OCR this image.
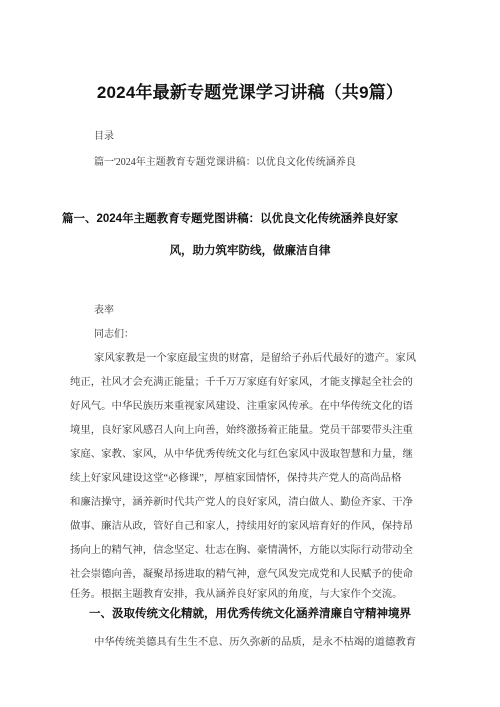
2024年最新专题党课学习讲稿（共9篇）
目录
篇一'2024年主题教育专题党课讲稿：以优良文化传统涵养良
篇一、2024年主题教育专题党图讲稿：以优良文化传统涵养良好家
风，助力筑牢防线，做廉洁自律
表率
同志们：
家风家教是一个家庭最宝贵的财富，是留给子孙后代最好的遗产。家风
纯正，社风才会充满正能量；千千万万家庭有好家风，才能支撑起全社会的
好风气。中华民族历来重视家风建设、注重家风传承。在中华传统文化的语
境里，良好家风感召人向上向善，始终激扬着正能量。党员干部要带头注重
家庭、家教、家风，从中华优秀传统文化与红色家风中汲取智慧和力量，继
续上好家风建设这堂“必修课”，厚植家国情怀，保持共产党人的高尚品格
和廉洁操守，涵养新时代共产党人的良好家风，清白做人、勤俭齐家、干净
做事、廉洁从政，管好自己和家人，持续用好的家风培育好的作风，保持昂
扬向上的精气神，信念坚定、壮志在胸、豪情满怀，方能以实际行动带动全
社会崇德向善，凝聚昂扬进取的精气神，意气风发完成党和人民赋予的使命
任务。根据主题教育安排，我从涵养良好家风的角度，与大家作个交流。
一、汲取传统文化精就，用优秀传统文化涵养清廉自守精神境界
中华传统美德具有生生不息、历久弥新的品质，是永不枯竭的道德教育
